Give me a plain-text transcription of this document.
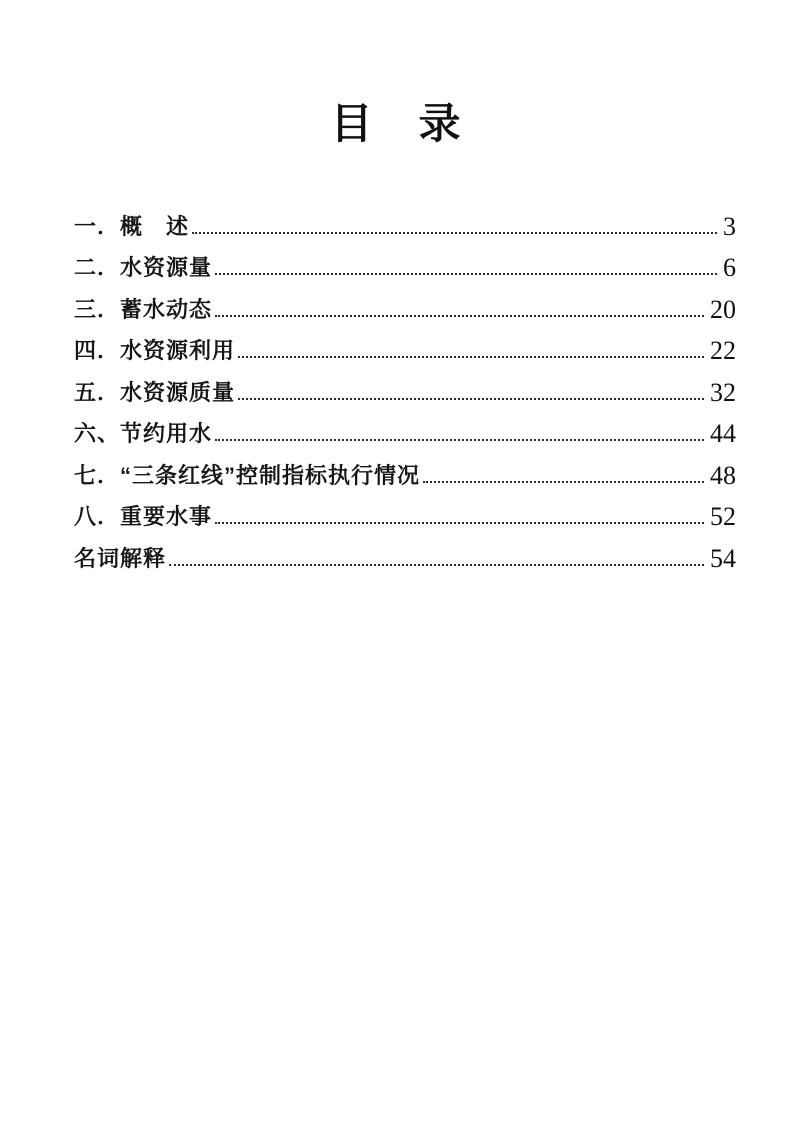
目　录
一．概　述	3
二．水资源量	6
三．蓄水动态	20
四．水资源利用	22
五．水资源质量	32
六、节约用水	44
七．“三条红线”控制指标执行情况	48
八．重要水事	52
名词解释	54
